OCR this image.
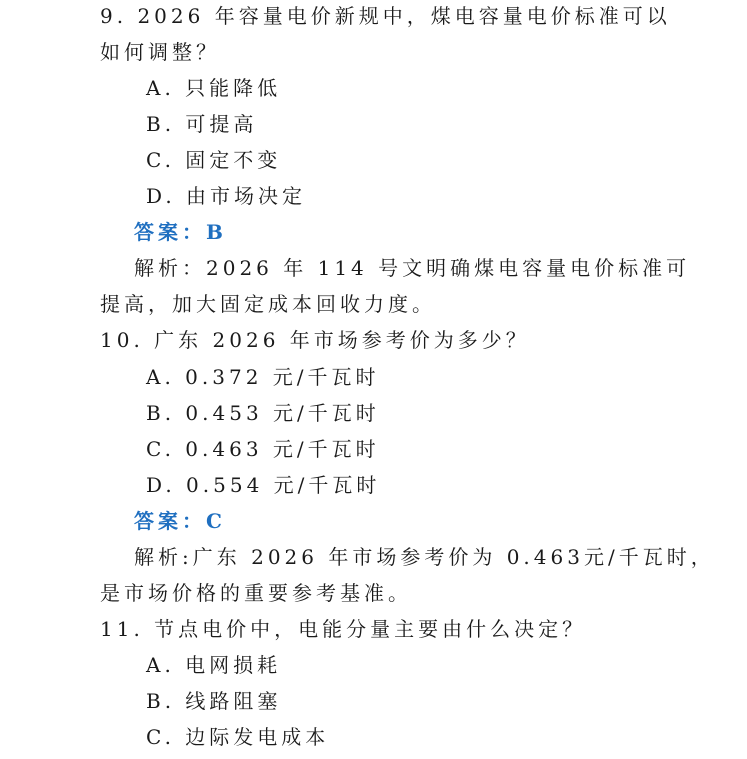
9. 2026 年容量电价新规中，煤电容量电价标准可以
如何调整？
A. 只能降低
B. 可提高
C. 固定不变
D. 由市场决定
答案：B
解析：2026 年 114 号文明确煤电容量电价标准可
提高，加大固定成本回收力度。
10. 广东 2026 年市场参考价为多少？
A. 0.372 元/千瓦时
B. 0.453 元/千瓦时
C. 0.463 元/千瓦时
D. 0.554 元/千瓦时
答案：C
解析:广东 2026 年市场参考价为 0.463元/千瓦时，
是市场价格的重要参考基准。
11. 节点电价中，电能分量主要由什么决定？
A. 电网损耗
B. 线路阻塞
C. 边际发电成本
